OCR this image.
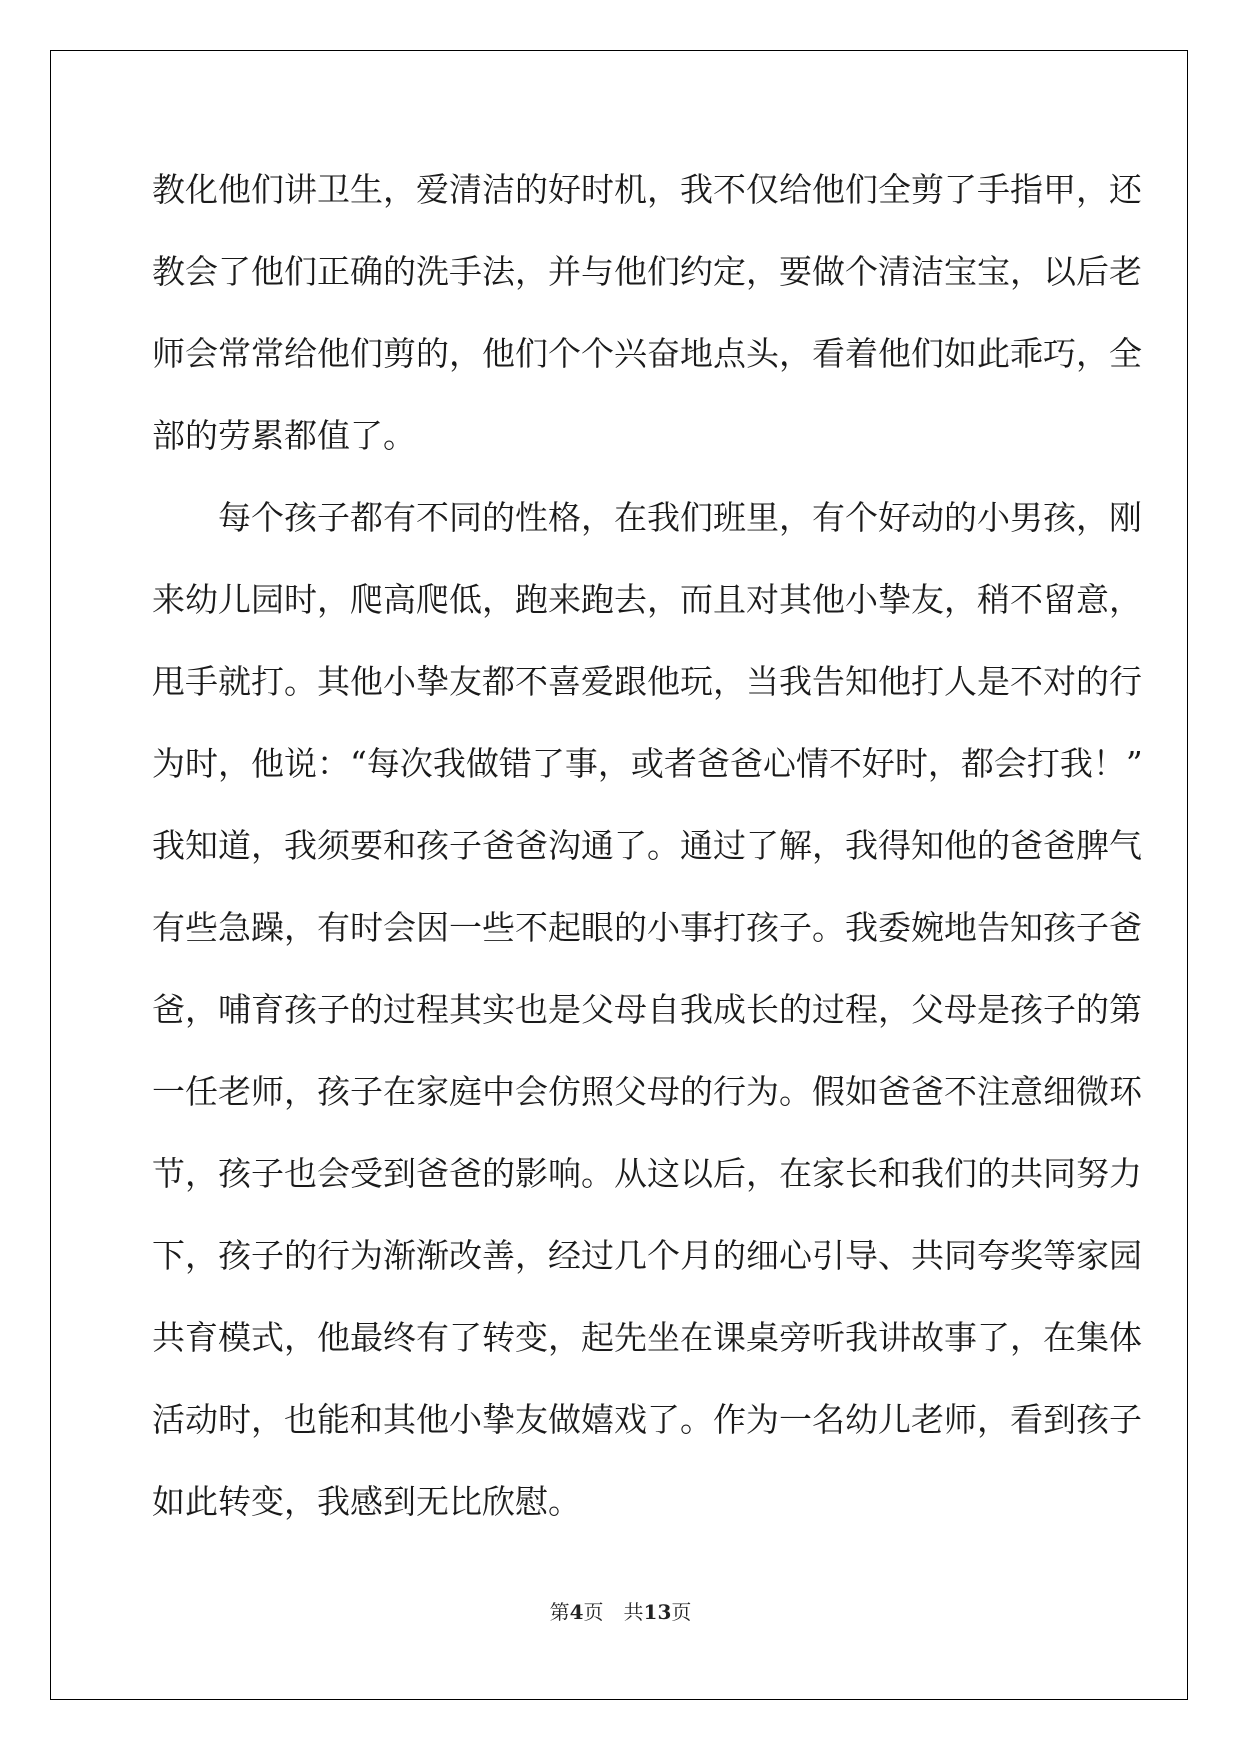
教化他们讲卫生，爱清洁的好时机，我不仅给他们全剪了手指甲，还
教会了他们正确的洗手法，并与他们约定，要做个清洁宝宝，以后老
师会常常给他们剪的，他们个个兴奋地点头，看着他们如此乖巧，全
部的劳累都值了。
每个孩子都有不同的性格，在我们班里，有个好动的小男孩，刚
来幼儿园时，爬高爬低，跑来跑去，而且对其他小挚友，稍不留意，
甩手就打。其他小挚友都不喜爱跟他玩，当我告知他打人是不对的行
为时，他说：“每次我做错了事，或者爸爸心情不好时，都会打我！”
我知道，我须要和孩子爸爸沟通了。通过了解，我得知他的爸爸脾气
有些急躁，有时会因一些不起眼的小事打孩子。我委婉地告知孩子爸
爸，哺育孩子的过程其实也是父母自我成长的过程，父母是孩子的第
一任老师，孩子在家庭中会仿照父母的行为。假如爸爸不注意细微环
节，孩子也会受到爸爸的影响。从这以后，在家长和我们的共同努力
下，孩子的行为渐渐改善，经过几个月的细心引导、共同夸奖等家园
共育模式，他最终有了转变，起先坐在课桌旁听我讲故事了，在集体
活动时，也能和其他小挚友做嬉戏了。作为一名幼儿老师，看到孩子
如此转变，我感到无比欣慰。
第4页 共13页
